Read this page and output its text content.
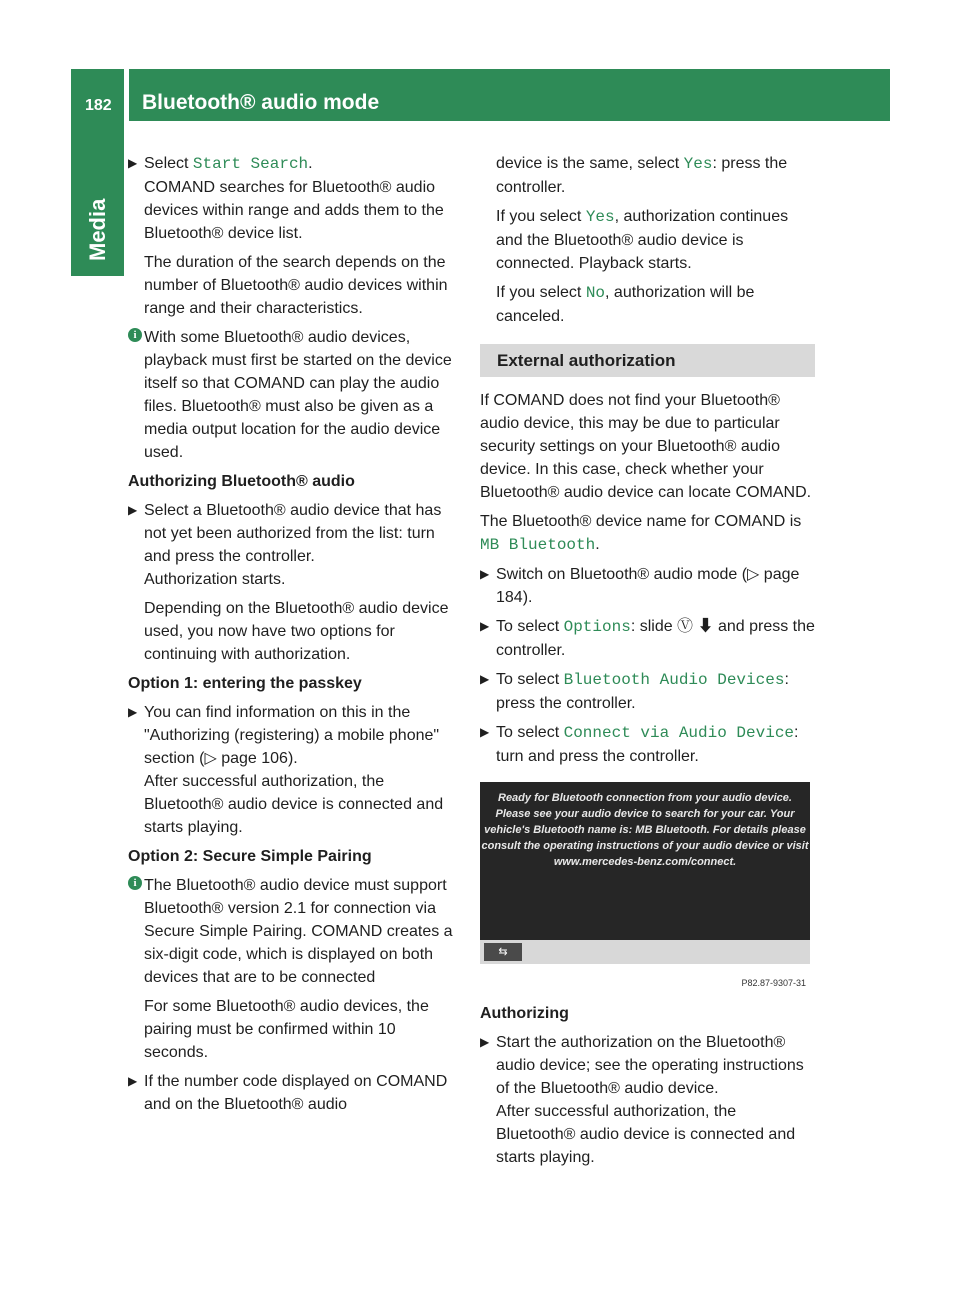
182 Bluetooth® audio mode
Media
▶ Select Start Search.
COMAND searches for Bluetooth® audio devices within range and adds them to the Bluetooth® device list.
The duration of the search depends on the number of Bluetooth® audio devices within range and their characteristics.
i With some Bluetooth® audio devices, playback must first be started on the device itself so that COMAND can play the audio files. Bluetooth® must also be given as a media output location for the audio device used.
Authorizing Bluetooth® audio
▶ Select a Bluetooth® audio device that has not yet been authorized from the list: turn and press the controller.
Authorization starts.
Depending on the Bluetooth® audio device used, you now have two options for continuing with authorization.
Option 1: entering the passkey
▶ You can find information on this in the "Authorizing (registering) a mobile phone" section (▷ page 106).
After successful authorization, the Bluetooth® audio device is connected and starts playing.
Option 2: Secure Simple Pairing
i The Bluetooth® audio device must support Bluetooth® version 2.1 for connection via Secure Simple Pairing. COMAND creates a six-digit code, which is displayed on both devices that are to be connected
For some Bluetooth® audio devices, the pairing must be confirmed within 10 seconds.
▶ If the number code displayed on COMAND and on the Bluetooth® audio
device is the same, select Yes: press the controller.
If you select Yes, authorization continues and the Bluetooth® audio device is connected. Playback starts.
If you select No, authorization will be canceled.
External authorization
If COMAND does not find your Bluetooth® audio device, this may be due to particular security settings on your Bluetooth® audio device. In this case, check whether your Bluetooth® audio device can locate COMAND.
The Bluetooth® device name for COMAND is MB Bluetooth.
▶ Switch on Bluetooth® audio mode (▷ page 184).
▶ To select Options: slide Ⓥ ⬇ and press the controller.
▶ To select Bluetooth Audio Devices: press the controller.
▶ To select Connect via Audio Device: turn and press the controller.
Ready for Bluetooth connection from your audio device. Please see your audio device to search for your car. Your vehicle's Bluetooth name is: MB Bluetooth. For details please consult the operating instructions of your audio device or visit www.mercedes-benz.com/connect.
⇆
P82.87-9307-31
Authorizing
▶ Start the authorization on the Bluetooth® audio device; see the operating instructions of the Bluetooth® audio device.
After successful authorization, the Bluetooth® audio device is connected and starts playing.
